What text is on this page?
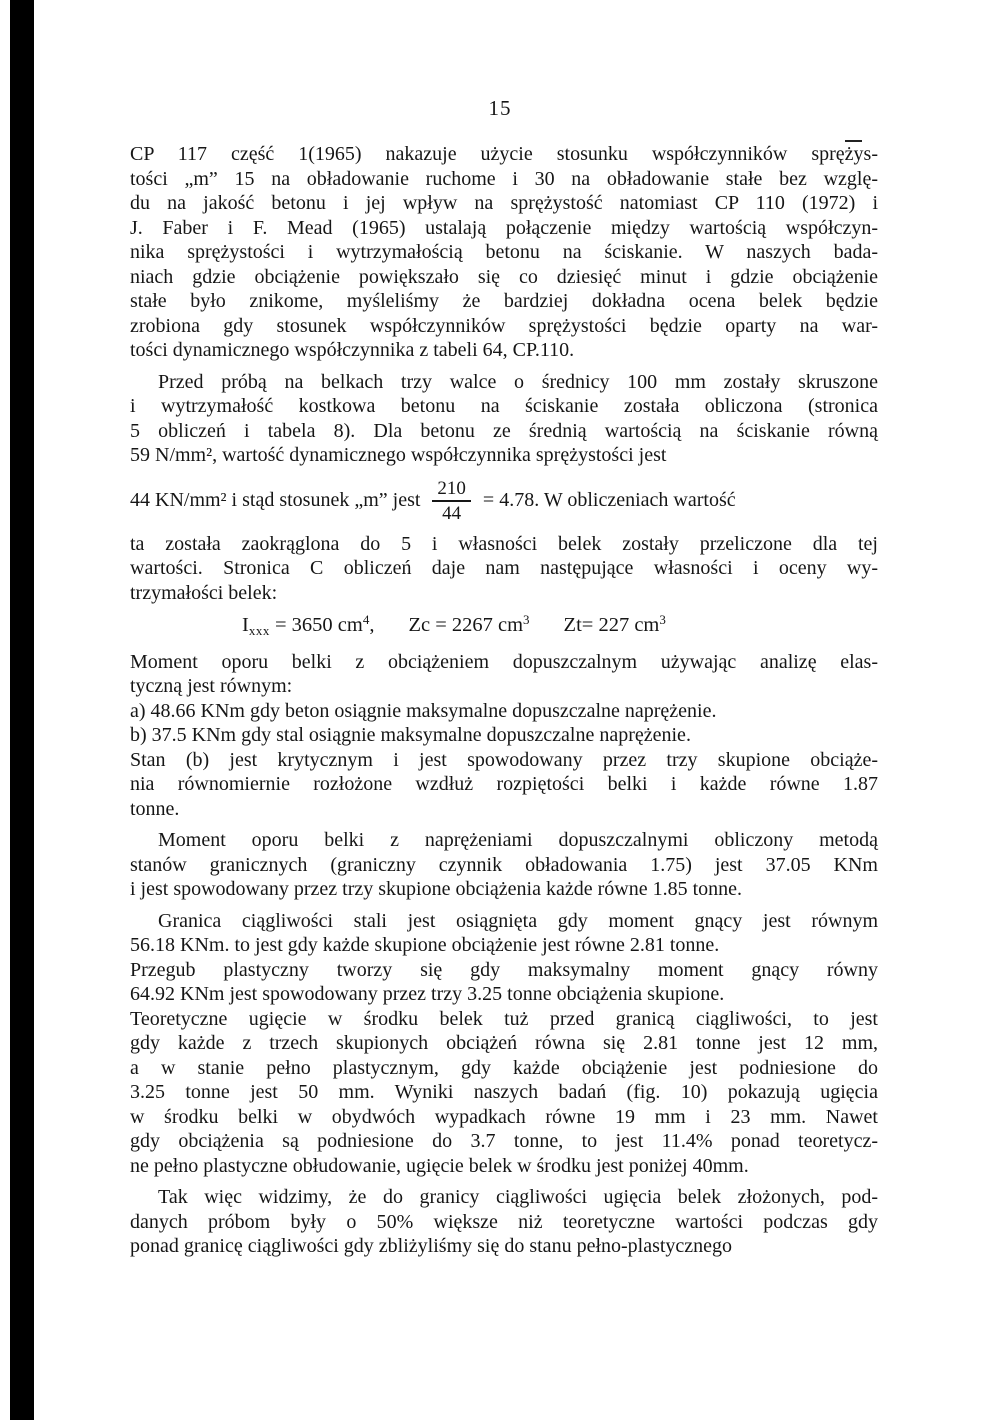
15
CP 117 część 1(1965) nakazuje użycie stosunku współczynników sprężys-
tości „m” 15 na obładowanie ruchome i 30 na obładowanie stałe bez wzglę-
du na jakość betonu i jej wpływ na sprężystość natomiast CP 110 (1972) i
J. Faber i F. Mead (1965) ustalają połączenie między wartością współczyn-
nika sprężystości i wytrzymałością betonu na ściskanie. W naszych bada-
niach gdzie obciążenie powiększało się co dziesięć minut i gdzie obciążenie
stałe było znikome, myśleliśmy że bardziej dokładna ocena belek będzie
zrobiona gdy stosunek współczynników sprężystości będzie oparty na war-
tości dynamicznego współczynnika z tabeli 64, CP.110.
Przed próbą na belkach trzy walce o średnicy 100 mm zostały skruszone
i wytrzymałość kostkowa betonu na ściskanie została obliczona (stronica
5 obliczeń i tabela 8). Dla betonu ze średnią wartością na ściskanie równą
59 N/mm², wartość dynamicznego współczynnika sprężystości jest
44 KN/mm² i stąd stosunek „m” jest $\frac{210}{44} = 4.78$. W obliczeniach wartość
ta została zaokrąglona do 5 i własności belek zostały przeliczone dla tej
wartości. Stronica C obliczeń daje nam następujące własności i oceny wy-
trzymałości belek:
Ixxx = 3650 $cm^4$, Zc = 2267 $cm^3$ Zt= 227 $cm^3$
Moment oporu belki z obciążeniem dopuszczalnym używając analizę elas-
tyczną jest równym:
a) 48.66 KNm gdy beton osiągnie maksymalne dopuszczalne naprężenie.
b) 37.5 KNm gdy stal osiągnie maksymalne dopuszczalne naprężenie.
Stan (b) jest krytycznym i jest spowodowany przez trzy skupione obciąże-
nia równomiernie rozłożone wzdłuż rozpiętości belki i każde równe 1.87
tonne.
Moment oporu belki z naprężeniami dopuszczalnymi obliczony metodą
stanów granicznych (graniczny czynnik obładowania 1.75) jest 37.05 KNm
i jest spowodowany przez trzy skupione obciążenia każde równe 1.85 tonne.
Granica ciągliwości stali jest osiągnięta gdy moment gnący jest równym
56.18 KNm. to jest gdy każde skupione obciążenie jest równe 2.81 tonne.
Przegub plastyczny tworzy się gdy maksymalny moment gnący równy
64.92 KNm jest spowodowany przez trzy 3.25 tonne obciążenia skupione.
Teoretyczne ugięcie w środku belek tuż przed granicą ciągliwości, to jest
gdy każde z trzech skupionych obciążeń równa się 2.81 tonne jest 12 mm,
a w stanie pełno plastycznym, gdy każde obciążenie jest podniesione do
3.25 tonne jest 50 mm. Wyniki naszych badań (fig. 10) pokazują ugięcia
w środku belki w obydwóch wypadkach równe 19 mm i 23 mm. Nawet
gdy obciążenia są podniesione do 3.7 tonne, to jest 11.4% ponad teoretycz-
ne pełno plastyczne obłudowanie, ugięcie belek w środku jest poniżej 40mm.
Tak więc widzimy, że do granicy ciągliwości ugięcia belek złożonych, pod-
danych próbom były o 50% większe niż teoretyczne wartości podczas gdy
ponad granicę ciągliwości gdy zbliżyliśmy się do stanu pełno-plastycznego
